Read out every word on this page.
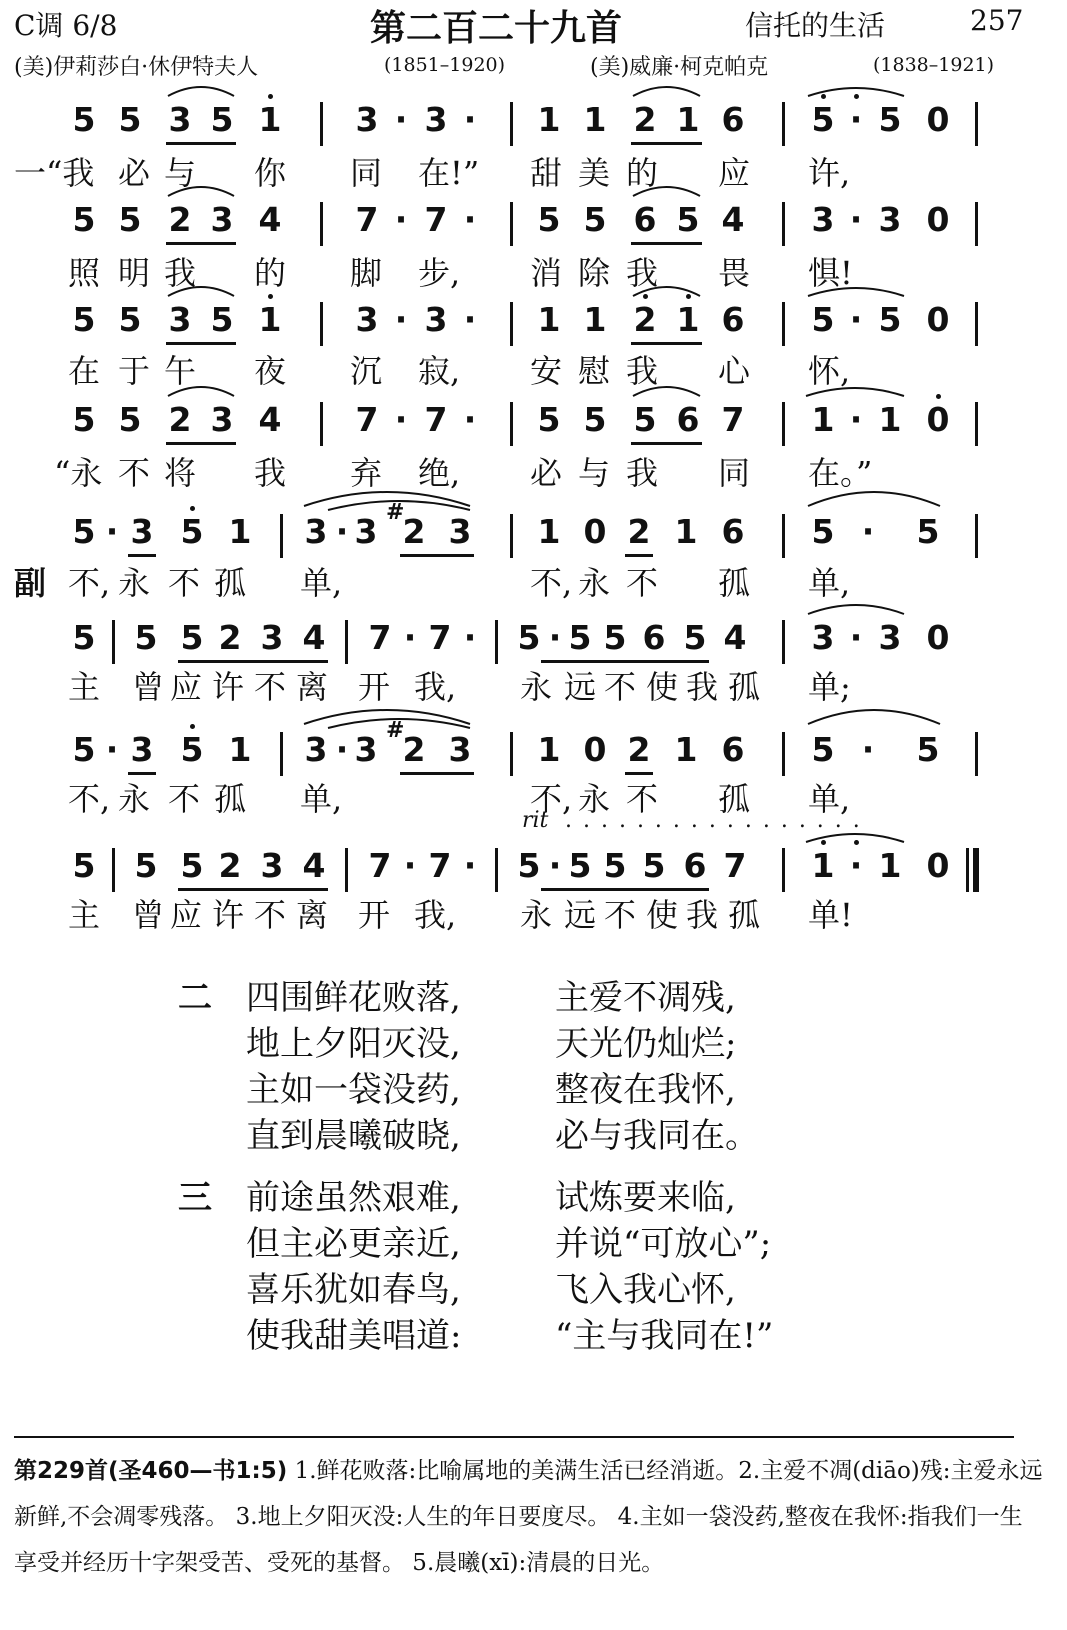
C调 6/8	第二百二十九首	信托的生活	257
(美)伊莉莎白·休伊特夫人	(1851–1920)	(美)威廉·柯克帕克	(1838–1921)
5 5 3 5 1 3 · 3 · 1 1 2 1 6 5 · 5 0
一“我 必 与 你 同 在!” 甜 美 的 应 许,
5 5 2 3 4 7 · 7 · 5 5 6 5 4 3 · 3 0
照 明 我 的 脚 步, 消 除 我 畏 惧!
5 5 3 5 1 3 · 3 · 1 1 2 1 6 5 · 5 0
在 于 午 夜 沉 寂, 安 慰 我 心 怀,
5 5 2 3 4 7 · 7 · 5 5 5 6 7 1 · 1 0
“永 不 将 我 弃 绝, 必 与 我 同 在。”
5 · 3 5 1 3 · 3 2
# 3 1 0 2 1 6 5 · 5
不, 永 不 孤 单,	不, 永 不 孤 单,
副
5 5 5 2 3 4 7 · 7 · 5 · 5 5 6 5 4 3 · 3 0
主 曾 应 许 不 离 开 我, 永 远 不 使 我 孤 单;
5 · 3 5 1 3 · 3 2
# 3 1 0 2 1 6 5 · 5
不, 永 不 孤 单,	不, 永 不 孤 单,
5 5 5 2 3 4 7 · 7 · 5 · 5 5 5 6 7 1 · 1 0
主 曾 应 许 不 离 开 我, 永 远 不 使 我 孤 单!
rit . . . . . . . . . . . . . . . . .
二 四围鲜花败落,	主爱不凋残,
地上夕阳灭没,	天光仍灿烂;
主如一袋没药,	整夜在我怀,
直到晨曦破晓,	必与我同在。
三 前途虽然艰难,	试炼要来临,
但主必更亲近,	并说“可放心”;
喜乐犹如春鸟,	飞入我心怀,
使我甜美唱道:	“主与我同在!”
第229首(圣460—书1:5) 1.鲜花败落:比喻属地的美满生活已经消逝。2.主爱不凋(diāo)残:主爱永远新鲜,不会凋零残落。 3.地上夕阳灭没:人生的年日要度尽。 4.主如一袋没药,整夜在我怀:指我们一生享受并经历十字架受苦、受死的基督。 5.晨曦(xī):清晨的日光。
